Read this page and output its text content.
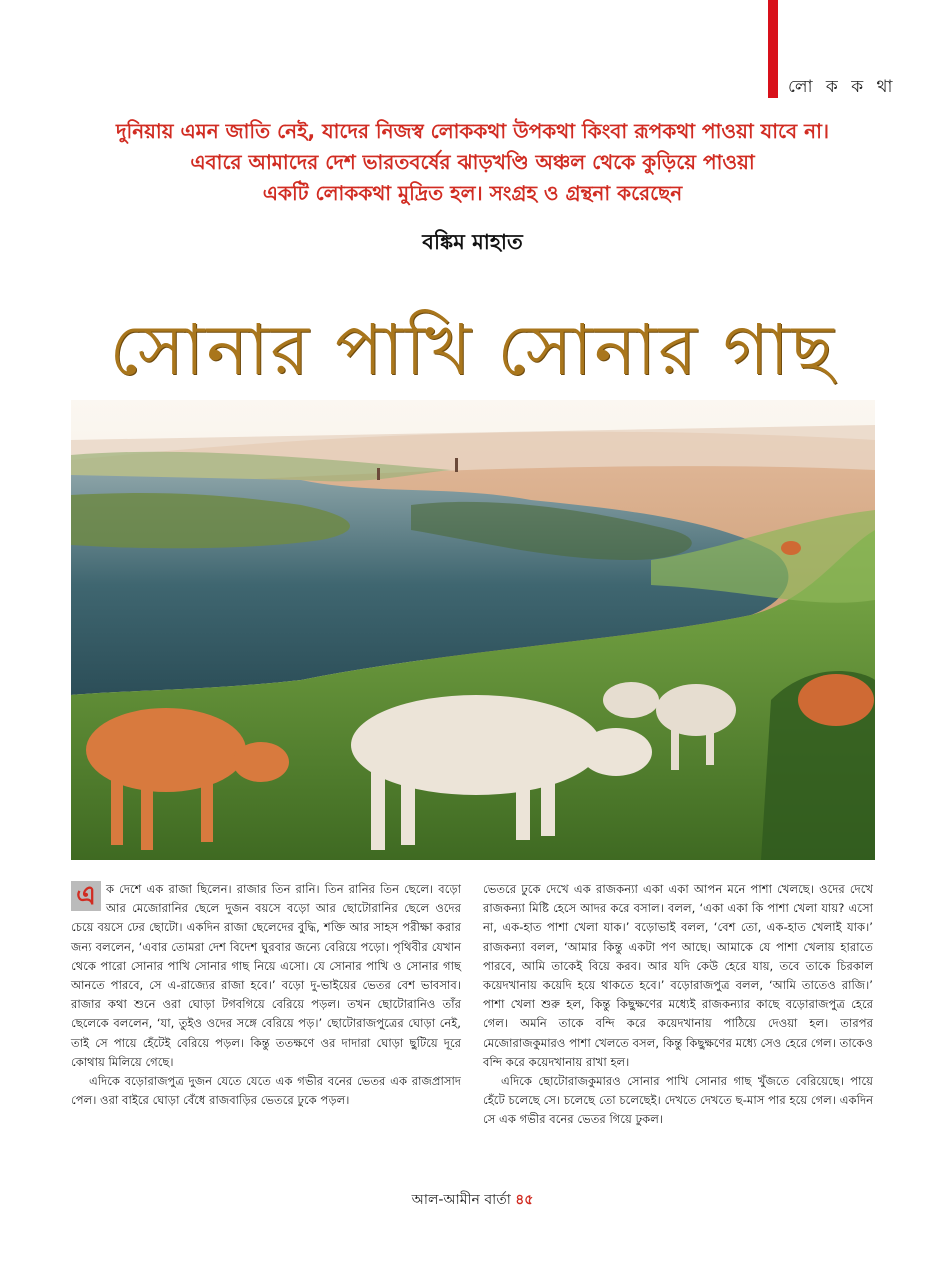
লো ক ক থা
দুনিয়ায় এমন জাতি নেই, যাদের নিজস্ব লোককথা উপকথা কিংবা রূপকথা পাওয়া যাবে না।
এবারে আমাদের দেশ ভারতবর্ষের ঝাড়খণ্ডি অঞ্চল থেকে কুড়িয়ে পাওয়া
একটি লোককথা মুদ্রিত হল। সংগ্রহ ও গ্রন্থনা করেছেন
বঙ্কিম মাহাত
সোনার পাখি সোনার গাছ

এ ক দেশে এক রাজা ছিলেন। রাজার তিন রানি। তিন রানির তিন ছেলে। বড়ো আর মেজোরানির ছেলে দুজন বয়সে বড়ো আর ছোটোরানির ছেলে ওদের চেয়ে বয়সে ঢের ছোটো। একদিন রাজা ছেলেদের বুদ্ধি, শক্তি আর সাহস পরীক্ষা করার জন্য বললেন, ‘এবার তোমরা দেশ বিদেশ ঘুরবার জন্যে বেরিয়ে পড়ো। পৃথিবীর যেখান থেকে পারো সোনার পাখি সোনার গাছ নিয়ে এসো। যে সোনার পাখি ও সোনার গাছ আনতে পারবে, সে এ-রাজ্যের রাজা হবে।’ বড়ো দু-ভাইয়ের ভেতর বেশ ভাবসাব। রাজার কথা শুনে ওরা ঘোড়া টগবগিয়ে বেরিয়ে পড়ল। তখন ছোটোরানিও তাঁর ছেলেকে বললেন, ‘যা, তুইও ওদের সঙ্গে বেরিয়ে পড়।’ ছোটোরাজপুত্রের ঘোড়া নেই, তাই সে পায়ে হেঁটেই বেরিয়ে পড়ল। কিন্তু ততক্ষণে ওর দাদারা ঘোড়া ছুটিয়ে দূরে কোথায় মিলিয়ে গেছে।

এদিকে বড়োরাজপুত্র দুজন যেতে যেতে এক গভীর বনের ভেতর এক রাজপ্রাসাদ পেল। ওরা বাইরে ঘোড়া বেঁধে রাজবাড়ির ভেতরে ঢুকে পড়ল।

ভেতরে ঢুকে দেখে এক রাজকন্যা একা একা আপন মনে পাশা খেলছে। ওদের দেখে রাজকন্যা মিষ্টি হেসে আদর করে বসাল। বলল, ‘একা একা কি পাশা খেলা যায়? এসো না, এক-হাত পাশা খেলা যাক।’ বড়োভাই বলল, ‘বেশ তো, এক-হাত খেলাই যাক।’ রাজকন্যা বলল, ‘আমার কিন্তু একটা পণ আছে। আমাকে যে পাশা খেলায় হারাতে পারবে, আমি তাকেই বিয়ে করব। আর যদি কেউ হেরে যায়, তবে তাকে চিরকাল কয়েদখানায় কয়েদি হয়ে থাকতে হবে।’ বড়োরাজপুত্র বলল, ‘আমি তাতেও রাজি।’ পাশা খেলা শুরু হল, কিন্তু কিছুক্ষণের মধ্যেই রাজকন্যার কাছে বড়োরাজপুত্র হেরে গেল। অমনি তাকে বন্দি করে কয়েদখানায় পাঠিয়ে দেওয়া হল। তারপর মেজোরাজকুমারও পাশা খেলতে বসল, কিন্তু কিছুক্ষণের মধ্যে সেও হেরে গেল। তাকেও বন্দি করে কয়েদখানায় রাখা হল।

এদিকে ছোটোরাজকুমারও সোনার পাখি সোনার গাছ খুঁজতে বেরিয়েছে। পায়ে হেঁটে চলেছে সে। চলেছে তো চলেছেই। দেখতে দেখতে ছ-মাস পার হয়ে গেল। একদিন সে এক গভীর বনের ভেতর গিয়ে ঢুকল।

আল-আমীন বার্তা ৪৫
